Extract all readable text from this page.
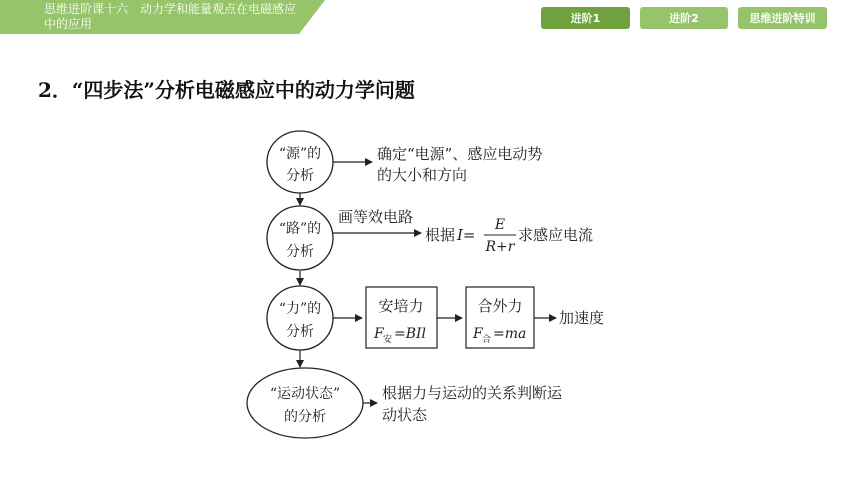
思维进阶课十六　动力学和能量观点在电磁感应中的应用	进阶1	进阶2	思维进阶特训
2．“四步法”分析电磁感应中的动力学问题
“源”的
分析
确定“电源”、感应电动势
的大小和方向
“路”的
分析
画等效电路
根据 I=
E
R+r
求感应电流
“力”的
分析
安培力
F 安 =BIl
合外力
F 合 =ma
加速度
“运动状态”
的分析
根据力与运动的关系判断运
动状态
